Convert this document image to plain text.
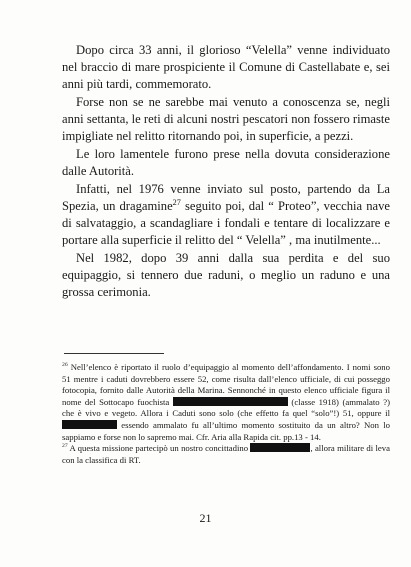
Dopo circa 33 anni, il glorioso “Velella” venne individuato nel braccio di mare prospiciente il Comune di Castellabate e, sei anni più tardi, commemorato.

Forse non se ne sarebbe mai venuto a conoscenza se, negli anni settanta, le reti di alcuni nostri pescatori non fossero rimaste impigliate nel relitto ritornando poi, in superficie, a pezzi.

Le loro lamentele furono prese nella dovuta considerazione dalle Autorità.

Infatti, nel 1976 venne inviato sul posto, partendo da La Spezia, un dragamine$^{27}$ seguito poi, dal “ Proteo”, vecchia nave di salvataggio, a scandagliare i fondali e tentare di localizzare e portare alla superficie il relitto del “ Velella” , ma inutilmente...

Nel 1982, dopo 39 anni dalla sua perdita e del suo equipaggio, si tennero due raduni, o meglio un raduno e una grossa cerimonia.

$^{26}$ Nell’elenco è riportato il ruolo d’equipaggio al momento dell’affondamento. I nomi sono 51 mentre i caduti dovrebbero essere 52, come risulta dall’elenco ufficiale, di cui posseggo fotocopia, fornito dalle Autorità della Marina. Sennonché in questo elenco ufficiale figura il nome del Sottocapo fuochista	(classe 1918) (ammalato ?) che è vivo e vegeto. Allora i Caduti sono solo (che effetto fa quel “solo”!) 51, oppure il  essendo ammalato fu all’ultimo momento sostituito da un altro? Non lo sappiamo e forse non lo sapremo mai. Cfr. Aria alla Rapida cit. pp.13 - 14.

$^{27}$ A questa missione partecipò un nostro concittadino	, allora militare di leva con la classifica di RT.

21
